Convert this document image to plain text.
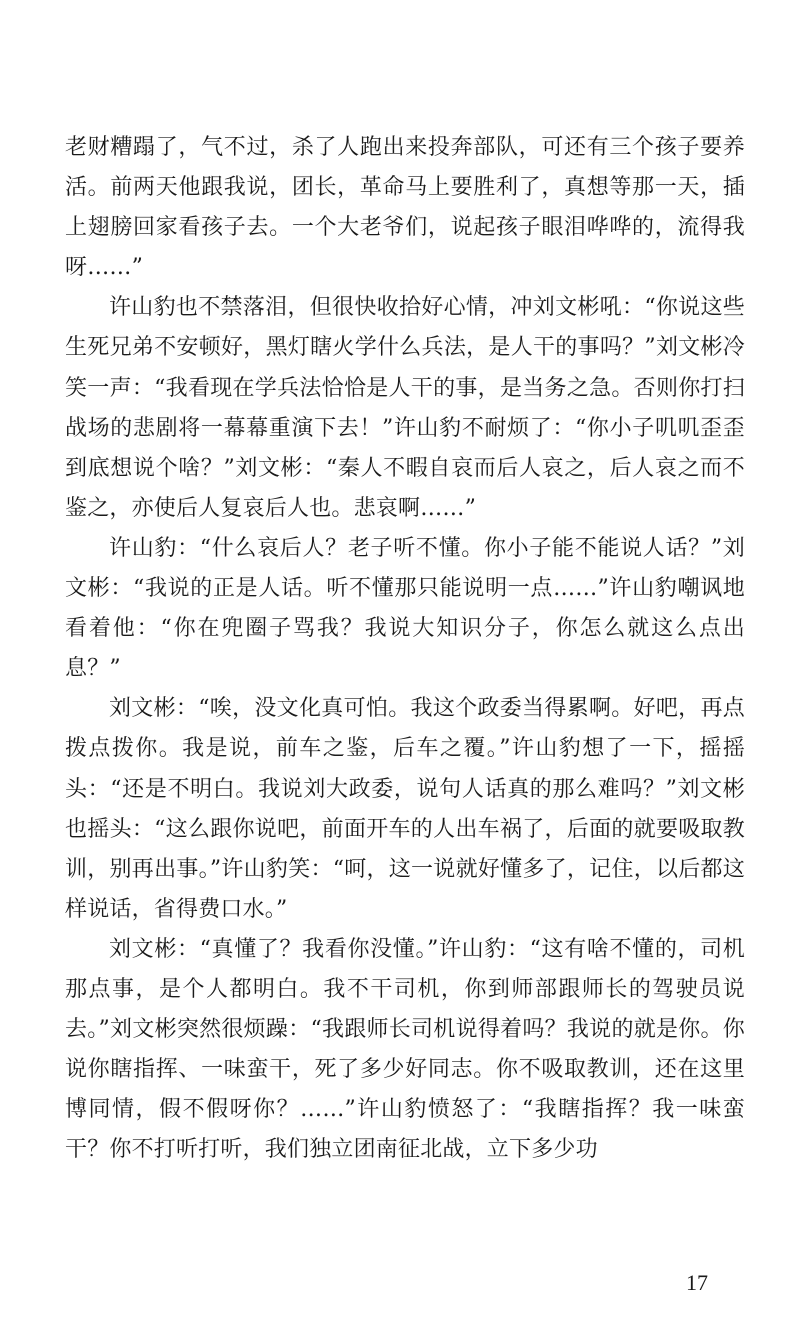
老财糟蹋了，气不过，杀了人跑出来投奔部队，可还有三个孩子要养活。前两天他跟我说，团长，革命马上要胜利了，真想等那一天，插上翅膀回家看孩子去。一个大老爷们，说起孩子眼泪哗哗的，流得我呀……”

许山豹也不禁落泪，但很快收拾好心情，冲刘文彬吼：“你说这些生死兄弟不安顿好，黑灯瞎火学什么兵法，是人干的事吗？”刘文彬冷笑一声：“我看现在学兵法恰恰是人干的事，是当务之急。否则你打扫战场的悲剧将一幕幕重演下去！”许山豹不耐烦了：“你小子叽叽歪歪到底想说个啥？”刘文彬：“秦人不暇自哀而后人哀之，后人哀之而不鉴之，亦使后人复哀后人也。悲哀啊……”

许山豹：“什么哀后人？老子听不懂。你小子能不能说人话？”刘文彬：“我说的正是人话。听不懂那只能说明一点……”许山豹嘲讽地看着他：“你在兜圈子骂我？我说大知识分子，你怎么就这么点出息？”

刘文彬：“唉，没文化真可怕。我这个政委当得累啊。好吧，再点拨点拨你。我是说，前车之鉴，后车之覆。”许山豹想了一下，摇摇头：“还是不明白。我说刘大政委，说句人话真的那么难吗？”刘文彬也摇头：“这么跟你说吧，前面开车的人出车祸了，后面的就要吸取教训，别再出事。”许山豹笑：“呵，这一说就好懂多了，记住，以后都这样说话，省得费口水。”

刘文彬：“真懂了？我看你没懂。”许山豹：“这有啥不懂的，司机那点事，是个人都明白。我不干司机，你到师部跟师长的驾驶员说去。”刘文彬突然很烦躁：“我跟师长司机说得着吗？我说的就是你。你说你瞎指挥、一味蛮干，死了多少好同志。你不吸取教训，还在这里博同情，假不假呀你？……”许山豹愤怒了：“我瞎指挥？我一味蛮干？你不打听打听，我们独立团南征北战，立下多少功

17
